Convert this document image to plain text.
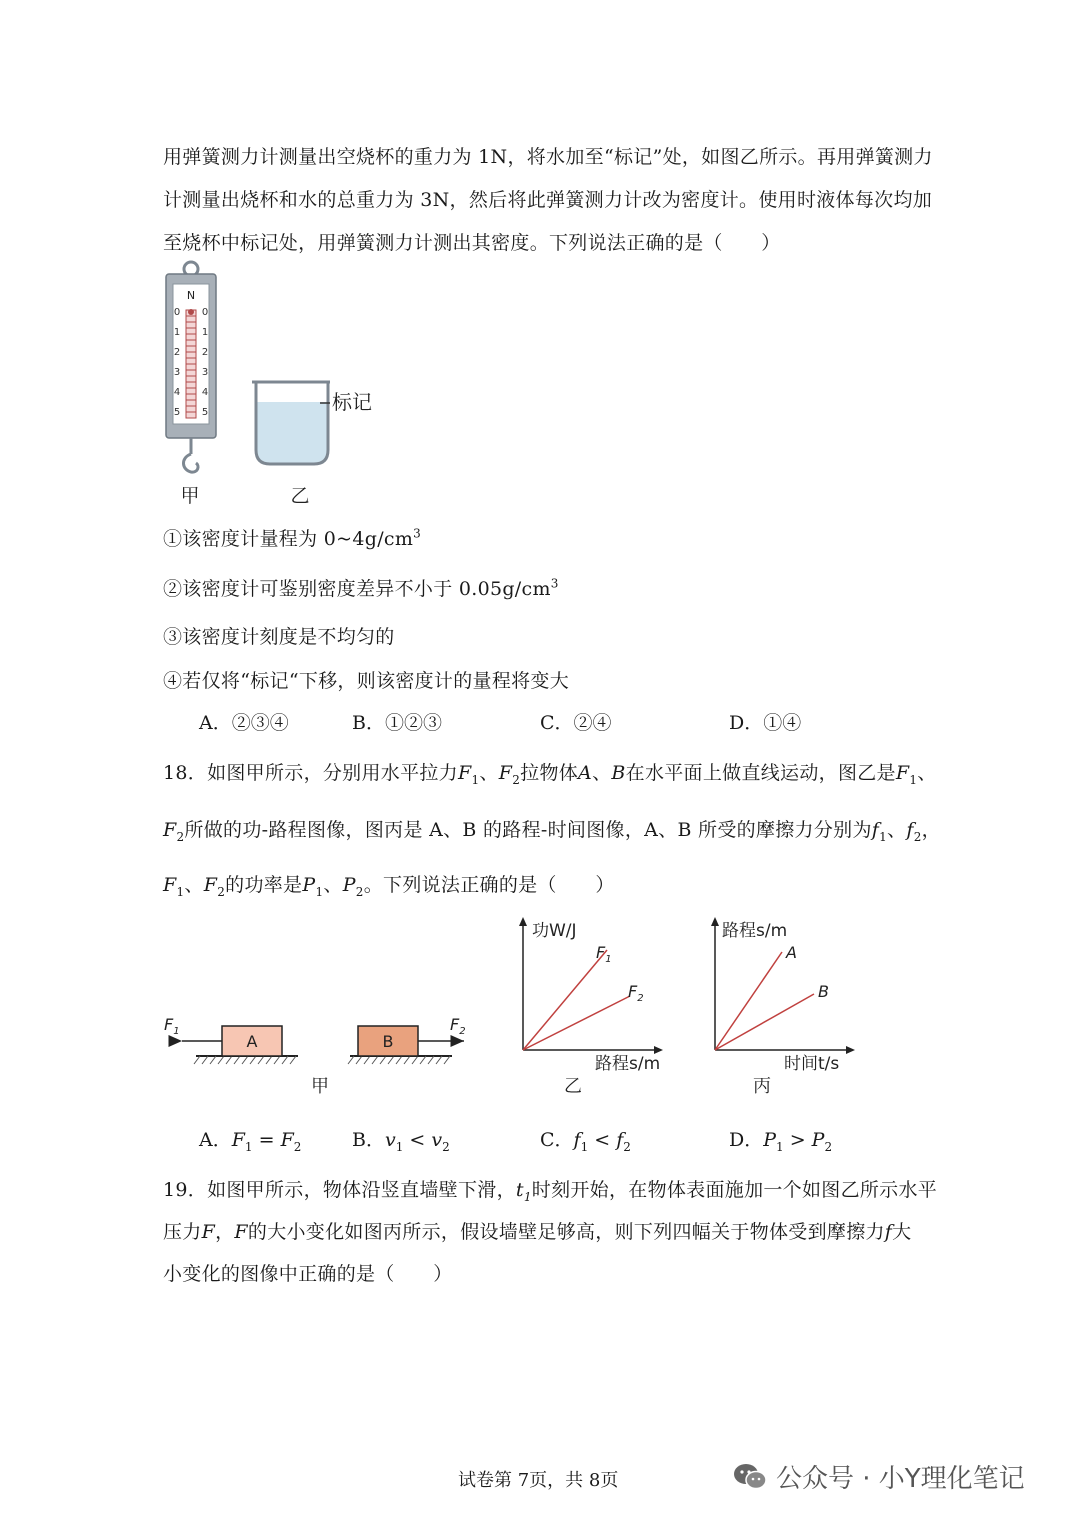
用弹簧测力计测量出空烧杯的重力为 1N，将水加至“标记”处，如图乙所示。再用弹簧测力
计测量出烧杯和水的总重力为 3N，然后将此弹簧测力计改为密度计。使用时液体每次均加
至烧杯中标记处，用弹簧测力计测出其密度。下列说法正确的是（　　）
N
0
1
2
3
4
5
0
1
2
3
4
5
甲
标记
乙
①该密度计量程为 $0\sim 4g/cm^3$
②该密度计可鉴别密度差异不小于 $0.05g/cm^3$
③该密度计刻度是不均匀的
④若仅将“标记“下移，则该密度计的量程将变大
A．②③④	B．①②③	C．②④	D．①④
18．如图甲所示，分别用水平拉力$F_1$、$F_2$拉物体A、B在水平面上做直线运动，图乙是$F_1$、
$F_2$所做的功-路程图像，图丙是 A、B 的路程-时间图像，A、B 所受的摩擦力分别为$f_1$、$f_2$，
$F_1$、$F_2$的功率是$P_1$、$P_2$。下列说法正确的是（　　）
A
$F_1$
B
$F_2$
甲
功W/J
路程s/m
$F_1$
$F_2$
乙
路程s/m
时间t/s
A
B
丙
A．$F_1 = F_2$	B．$v_1 < v_2$	C．$f_1 < f_2$	D．$P_1 > P_2$
19．如图甲所示，物体沿竖直墙壁下滑，$t_1$时刻开始，在物体表面施加一个如图乙所示水平
压力F，F的大小变化如图丙所示，假设墙壁足够高，则下列四幅关于物体受到摩擦力f大
小变化的图像中正确的是（　　）
试卷第 7页，共 8页	公众号 · 小Y理化笔记
